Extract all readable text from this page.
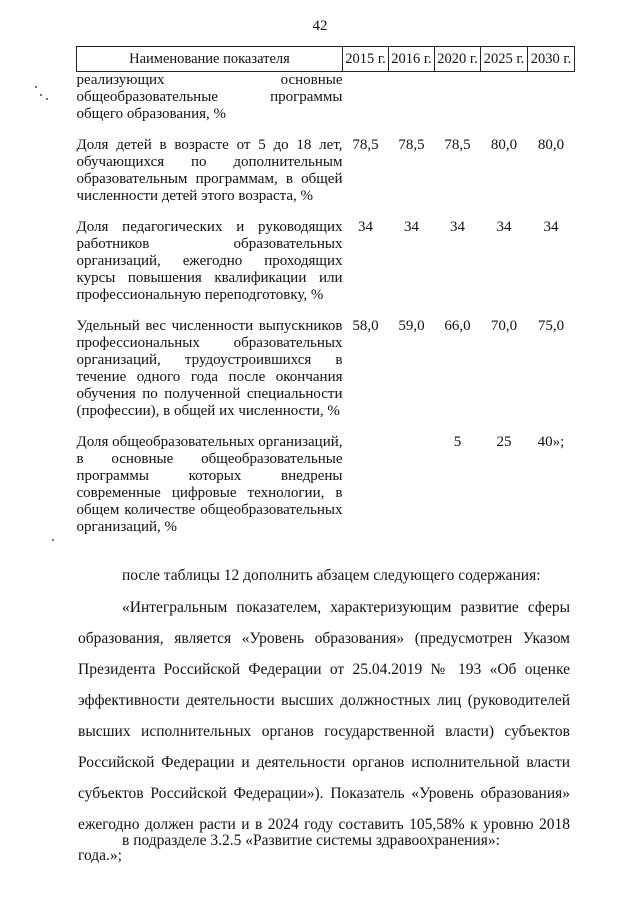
42
Наименование показателя	2015 г.	2016 г.	2020 г.	2025 г.	2030 г.
реализующих основные общеобразовательные программы общего образования, %					

Доля детей в возрасте от 5 до 18 лет, обучающихся по дополнительным образовательным программам, в общей численности детей этого возраста, %	78,5	78,5	78,5	80,0	80,0

Доля педагогических и руководящих работников образовательных организаций, ежегодно проходящих курсы повышения квалификации или профессиональную переподготовку, %	34	34	34	34	34

Удельный вес численности выпускников профессиональных образовательных организаций, трудоустроившихся в течение одного года после окончания обучения по полученной специальности (профессии), в общей их численности, %	58,0	59,0	66,0	70,0	75,0

Доля общеобразовательных организаций, в основные общеобразовательные программы которых внедрены современные цифровые технологии, в общем количестве общеобразовательных организаций, %			5	25	40»;

после таблицы 12 дополнить абзацем следующего содержания:

«Интегральным показателем, характеризующим развитие сферы образования, является «Уровень образования» (предусмотрен Указом Президента Российской Федерации от 25.04.2019 № 193 «Об оценке эффективности деятельности высших должностных лиц (руководителей высших исполнительных органов государственной власти) субъектов Российской Федерации и деятельности органов исполнительной власти субъектов Российской Федерации»). Показатель «Уровень образования» ежегодно должен расти и в 2024 году составить 105,58% к уровню 2018 года.»;

в подразделе 3.2.5 «Развитие системы здравоохранения»:
